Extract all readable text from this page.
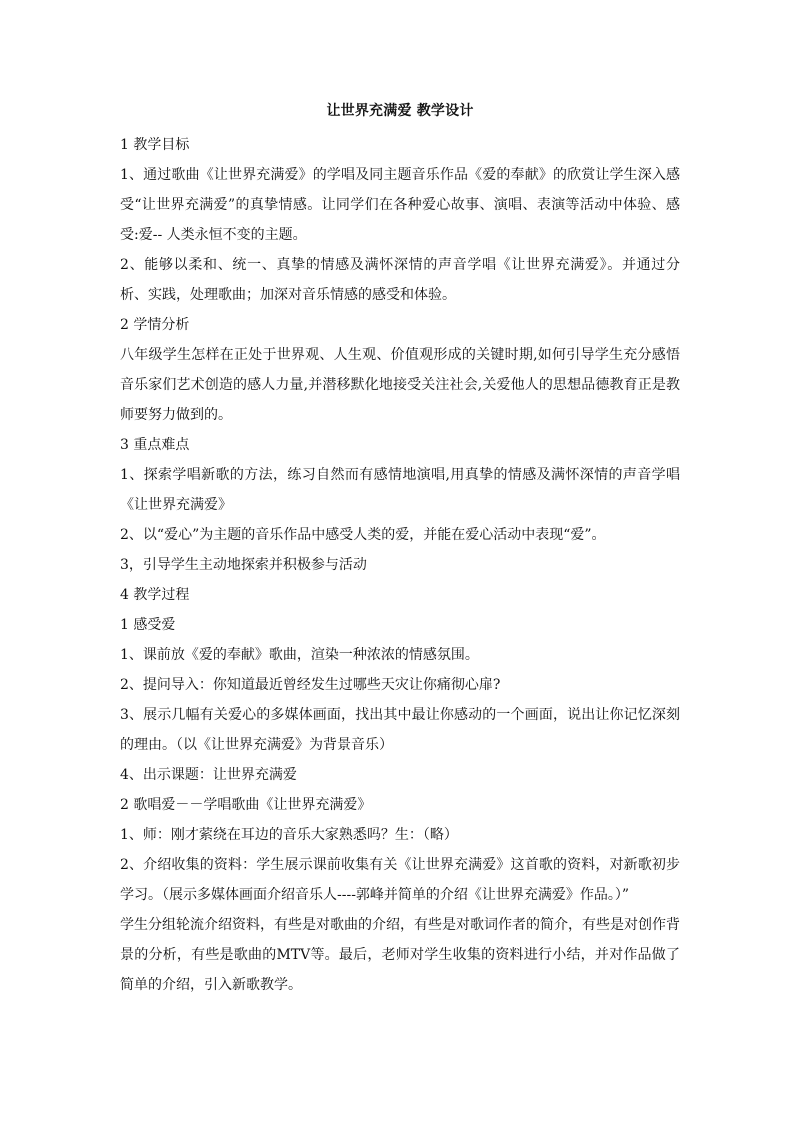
让世界充满爱 教学设计

1 教学目标

1、通过歌曲《让世界充满爱》的学唱及同主题音乐作品《爱的奉献》的欣赏让学生深入感受“让世界充满爱”的真挚情感。让同学们在各种爱心故事、演唱、表演等活动中体验、感受:爱-- 人类永恒不变的主题。

2、能够以柔和、统一、真挚的情感及满怀深情的声音学唱《让世界充满爱》。并通过分析、实践，处理歌曲；加深对音乐情感的感受和体验。

2 学情分析

八年级学生怎样在正处于世界观、人生观、价值观形成的关键时期,如何引导学生充分感悟音乐家们艺术创造的感人力量,并潜移默化地接受关注社会,关爱他人的思想品德教育正是教师要努力做到的。

3 重点难点

1、探索学唱新歌的方法，练习自然而有感情地演唱,用真挚的情感及满怀深情的声音学唱《让世界充满爱》

2、以“爱心”为主题的音乐作品中感受人类的爱，并能在爱心活动中表现“爱”。

3，引导学生主动地探索并积极参与活动

4 教学过程

1 感受爱

1、课前放《爱的奉献》歌曲，渲染一种浓浓的情感氛围。

2、提问导入：你知道最近曾经发生过哪些天灾让你痛彻心扉?

3、展示几幅有关爱心的多媒体画面，找出其中最让你感动的一个画面，说出让你记忆深刻的理由。（以《让世界充满爱》为背景音乐）

4、出示课题：让世界充满爱

2 歌唱爱－－学唱歌曲《让世界充满爱》

1、师：刚才萦绕在耳边的音乐大家熟悉吗？生：（略）

2、介绍收集的资料：学生展示课前收集有关《让世界充满爱》这首歌的资料，对新歌初步学习。（展示多媒体画面介绍音乐人----郭峰并简单的介绍《让世界充满爱》作品。）”

学生分组轮流介绍资料，有些是对歌曲的介绍，有些是对歌词作者的简介，有些是对创作背景的分析，有些是歌曲的MTV等。最后，老师对学生收集的资料进行小结，并对作品做了简单的介绍，引入新歌教学。
